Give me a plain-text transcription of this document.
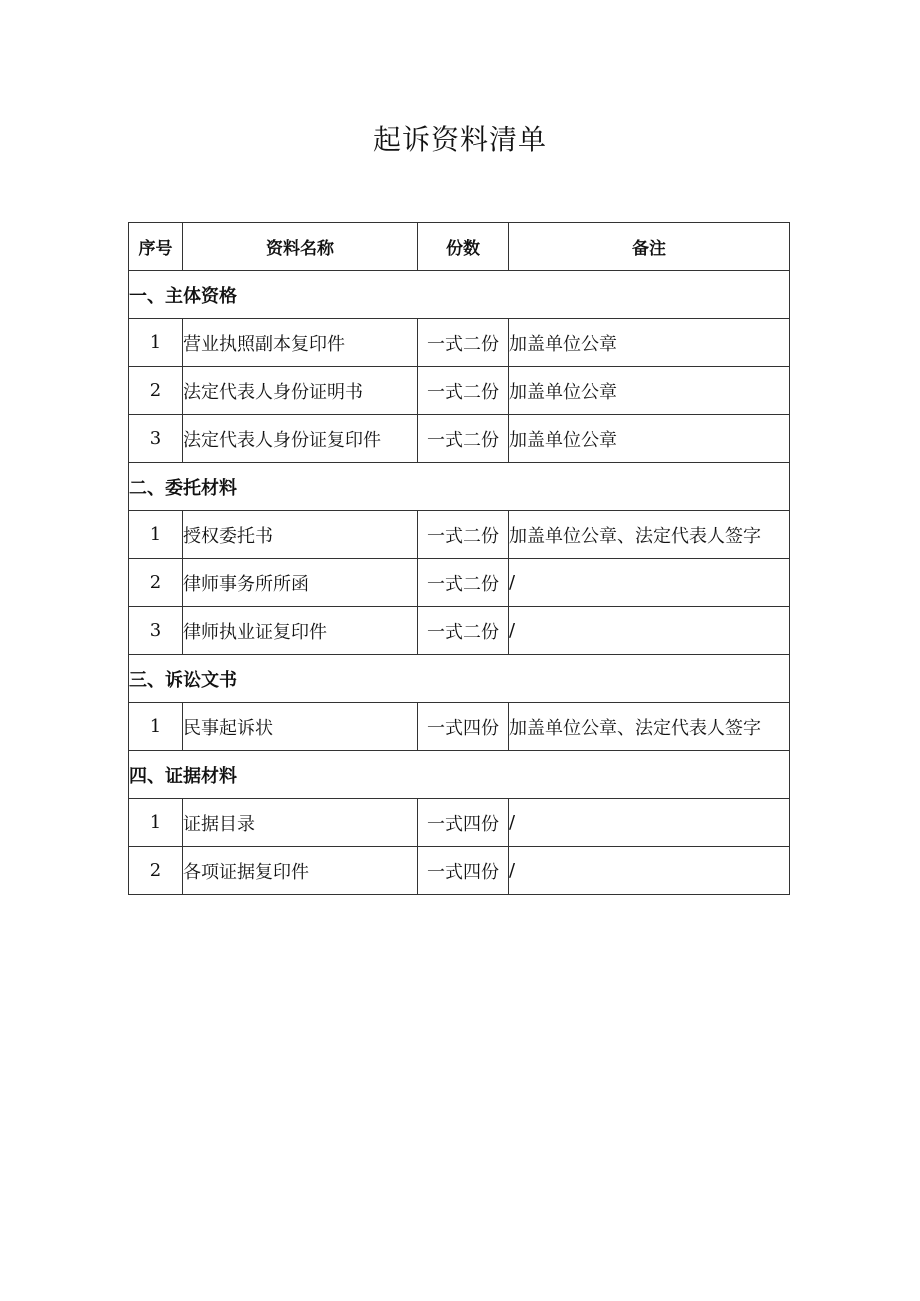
起诉资料清单
序号	资料名称	份数	备注
一、主体资格			
1	营业执照副本复印件	一式二份	加盖单位公章
2	法定代表人身份证明书	一式二份	加盖单位公章
3	法定代表人身份证复印件	一式二份	加盖单位公章
二、委托材料			
1	授权委托书	一式二份	加盖单位公章、法定代表人签字
2	律师事务所所函	一式二份	/
3	律师执业证复印件	一式二份	/
三、诉讼文书			
1	民事起诉状	一式四份	加盖单位公章、法定代表人签字
四、证据材料			
1	证据目录	一式四份	/
2	各项证据复印件	一式四份	/
